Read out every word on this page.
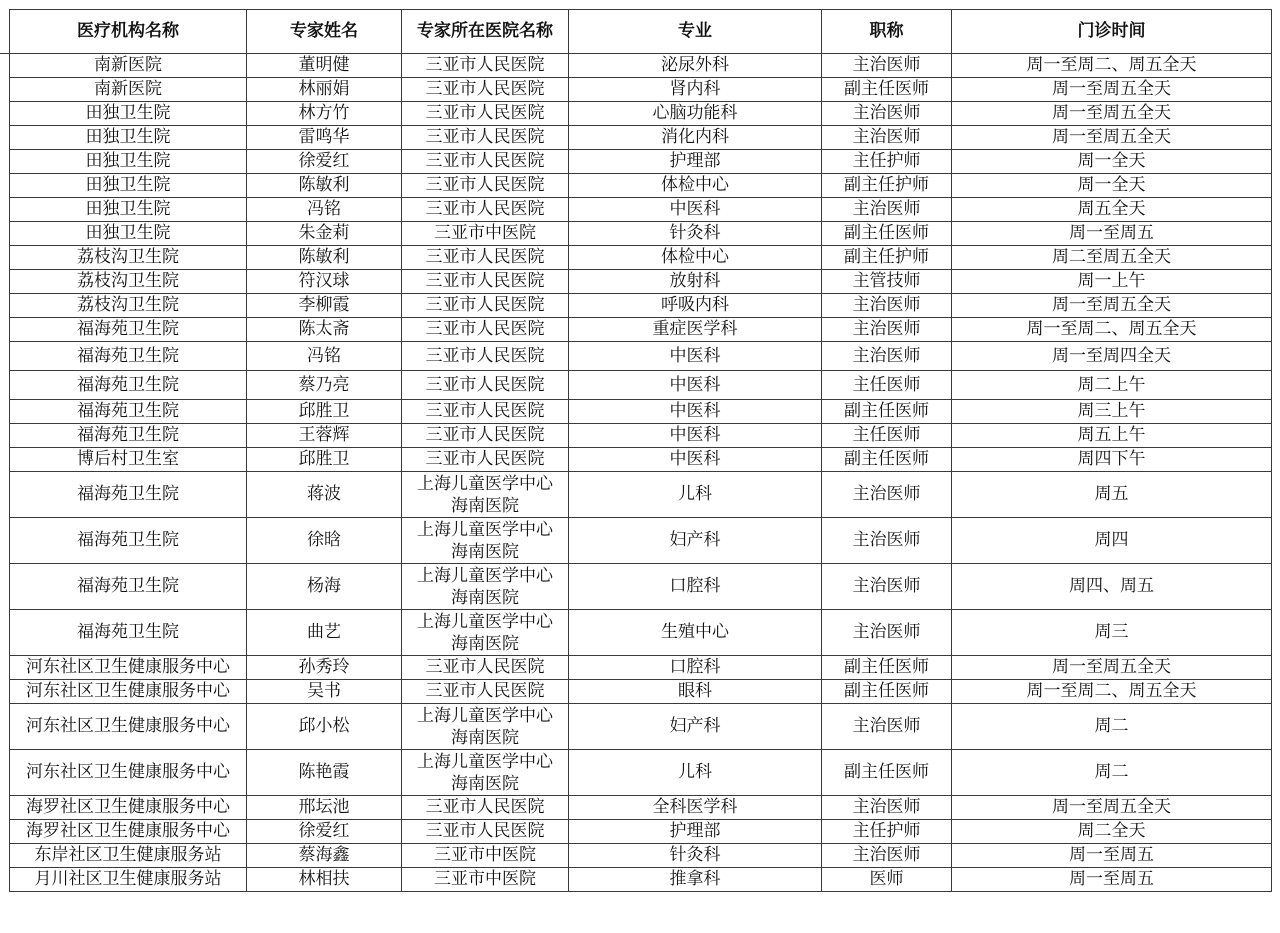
医疗机构名称	专家姓名	专家所在医院名称	专业	职称	门诊时间
南新医院	董明健	三亚市人民医院	泌尿外科	主治医师	周一至周二、周五全天
南新医院	林丽娟	三亚市人民医院	肾内科	副主任医师	周一至周五全天
田独卫生院	林方竹	三亚市人民医院	心脑功能科	主治医师	周一至周五全天
田独卫生院	雷鸣华	三亚市人民医院	消化内科	主治医师	周一至周五全天
田独卫生院	徐爱红	三亚市人民医院	护理部	主任护师	周一全天
田独卫生院	陈敏利	三亚市人民医院	体检中心	副主任护师	周一全天
田独卫生院	冯铭	三亚市人民医院	中医科	主治医师	周五全天
田独卫生院	朱金莉	三亚市中医院	针灸科	副主任医师	周一至周五
荔枝沟卫生院	陈敏利	三亚市人民医院	体检中心	副主任护师	周二至周五全天
荔枝沟卫生院	符汉球	三亚市人民医院	放射科	主管技师	周一上午
荔枝沟卫生院	李柳霞	三亚市人民医院	呼吸内科	主治医师	周一至周五全天
福海苑卫生院	陈太斋	三亚市人民医院	重症医学科	主治医师	周一至周二、周五全天
福海苑卫生院	冯铭	三亚市人民医院	中医科	主治医师	周一至周四全天
福海苑卫生院	蔡乃亮	三亚市人民医院	中医科	主任医师	周二上午
福海苑卫生院	邱胜卫	三亚市人民医院	中医科	副主任医师	周三上午
福海苑卫生院	王蓉辉	三亚市人民医院	中医科	主任医师	周五上午
博后村卫生室	邱胜卫	三亚市人民医院	中医科	副主任医师	周四下午
福海苑卫生院	蒋波	上海儿童医学中心海南医院	儿科	主治医师	周五
福海苑卫生院	徐晗	上海儿童医学中心海南医院	妇产科	主治医师	周四
福海苑卫生院	杨海	上海儿童医学中心海南医院	口腔科	主治医师	周四、周五
福海苑卫生院	曲艺	上海儿童医学中心海南医院	生殖中心	主治医师	周三
河东社区卫生健康服务中心	孙秀玲	三亚市人民医院	口腔科	副主任医师	周一至周五全天
河东社区卫生健康服务中心	吴书	三亚市人民医院	眼科	副主任医师	周一至周二、周五全天
河东社区卫生健康服务中心	邱小松	上海儿童医学中心海南医院	妇产科	主治医师	周二
河东社区卫生健康服务中心	陈艳霞	上海儿童医学中心海南医院	儿科	副主任医师	周二
海罗社区卫生健康服务中心	邢坛池	三亚市人民医院	全科医学科	主治医师	周一至周五全天
海罗社区卫生健康服务中心	徐爱红	三亚市人民医院	护理部	主任护师	周二全天
东岸社区卫生健康服务站	蔡海鑫	三亚市中医院	针灸科	主治医师	周一至周五
月川社区卫生健康服务站	林相扶	三亚市中医院	推拿科	医师	周一至周五
